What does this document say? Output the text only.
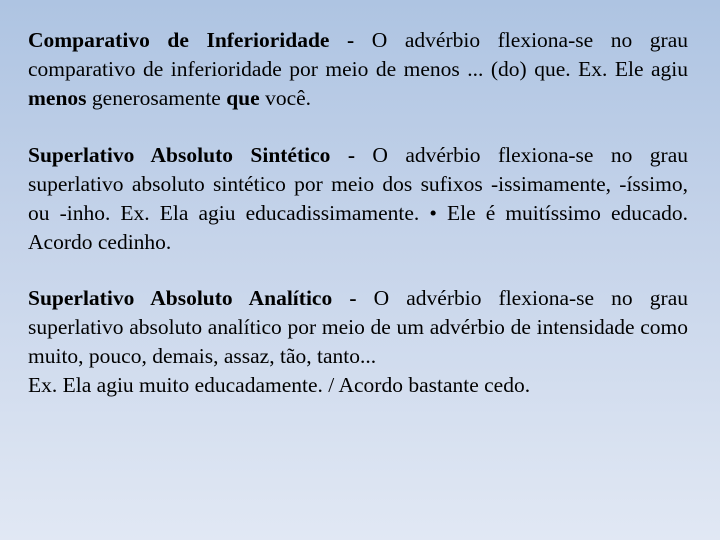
Comparativo de Inferioridade - O advérbio flexiona-se no grau comparativo de inferioridade por meio de menos ... (do) que. Ex. Ele agiu menos generosamente que você.

Superlativo Absoluto Sintético - O advérbio flexiona-se no grau superlativo absoluto sintético por meio dos sufixos -issimamente, -íssimo, ou -inho. Ex. Ela agiu educadissimamente. • Ele é muitíssimo educado. Acordo cedinho.

Superlativo Absoluto Analítico - O advérbio flexiona-se no grau superlativo absoluto analítico por meio de um advérbio de intensidade como muito, pouco, demais, assaz, tão, tanto...
Ex. Ela agiu muito educadamente. / Acordo bastante cedo.
